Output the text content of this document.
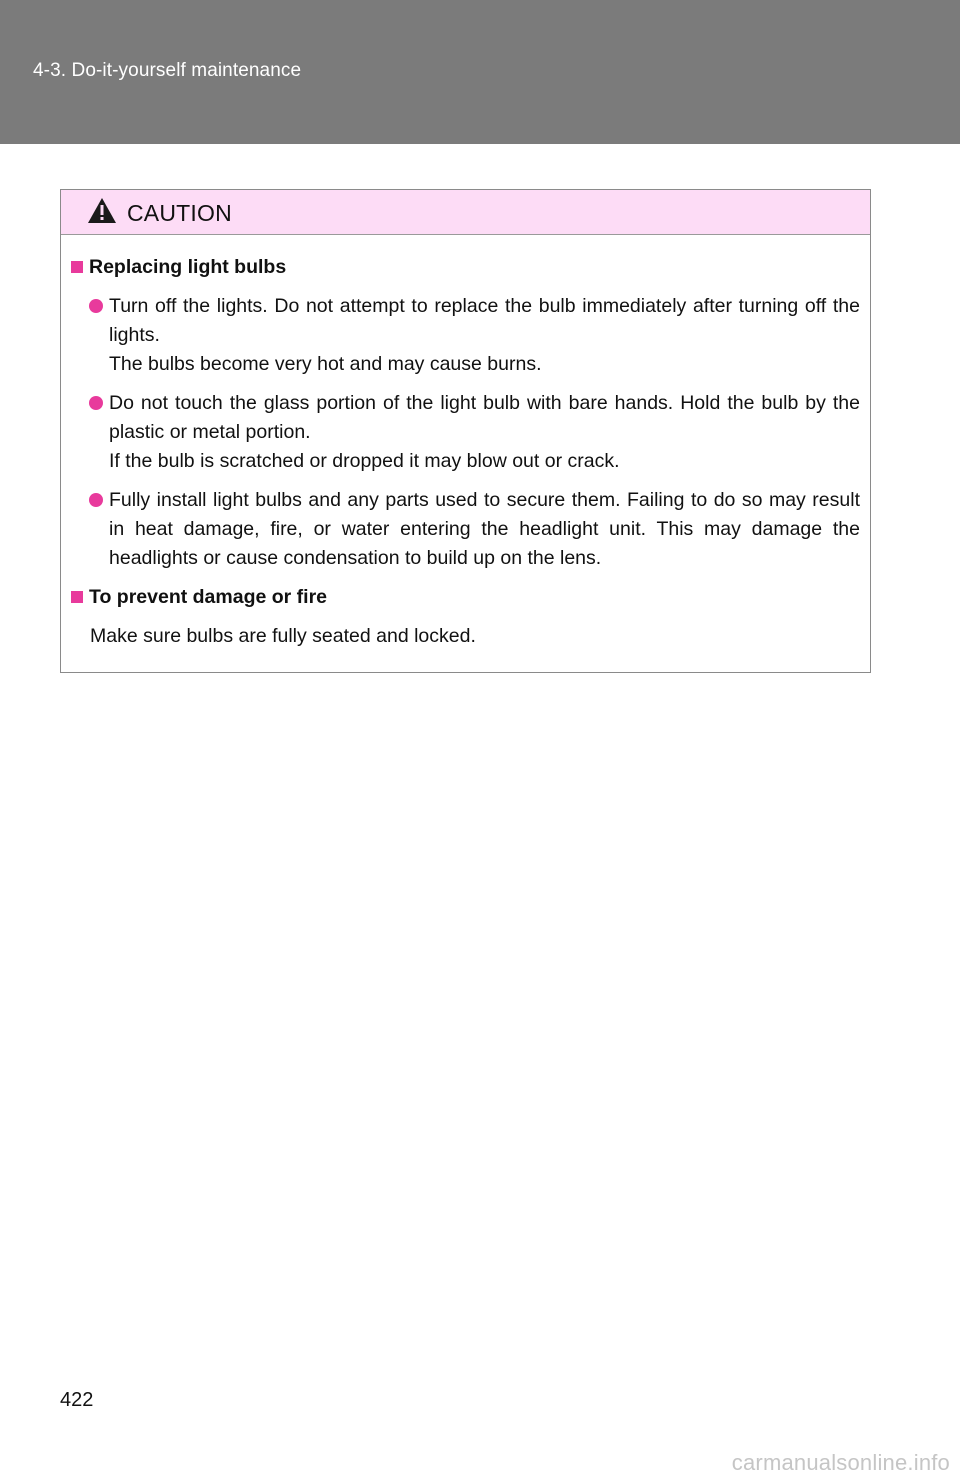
4-3. Do-it-yourself maintenance
CAUTION
Replacing light bulbs
Turn off the lights. Do not attempt to replace the bulb immediately after turning off the lights.
The bulbs become very hot and may cause burns.
Do not touch the glass portion of the light bulb with bare hands. Hold the bulb by the plastic or metal portion.
If the bulb is scratched or dropped it may blow out or crack.
Fully install light bulbs and any parts used to secure them. Failing to do so may result in heat damage, fire, or water entering the headlight unit. This may damage the headlights or cause condensation to build up on the lens.
To prevent damage or fire
Make sure bulbs are fully seated and locked.
422
carmanualsonline.info
